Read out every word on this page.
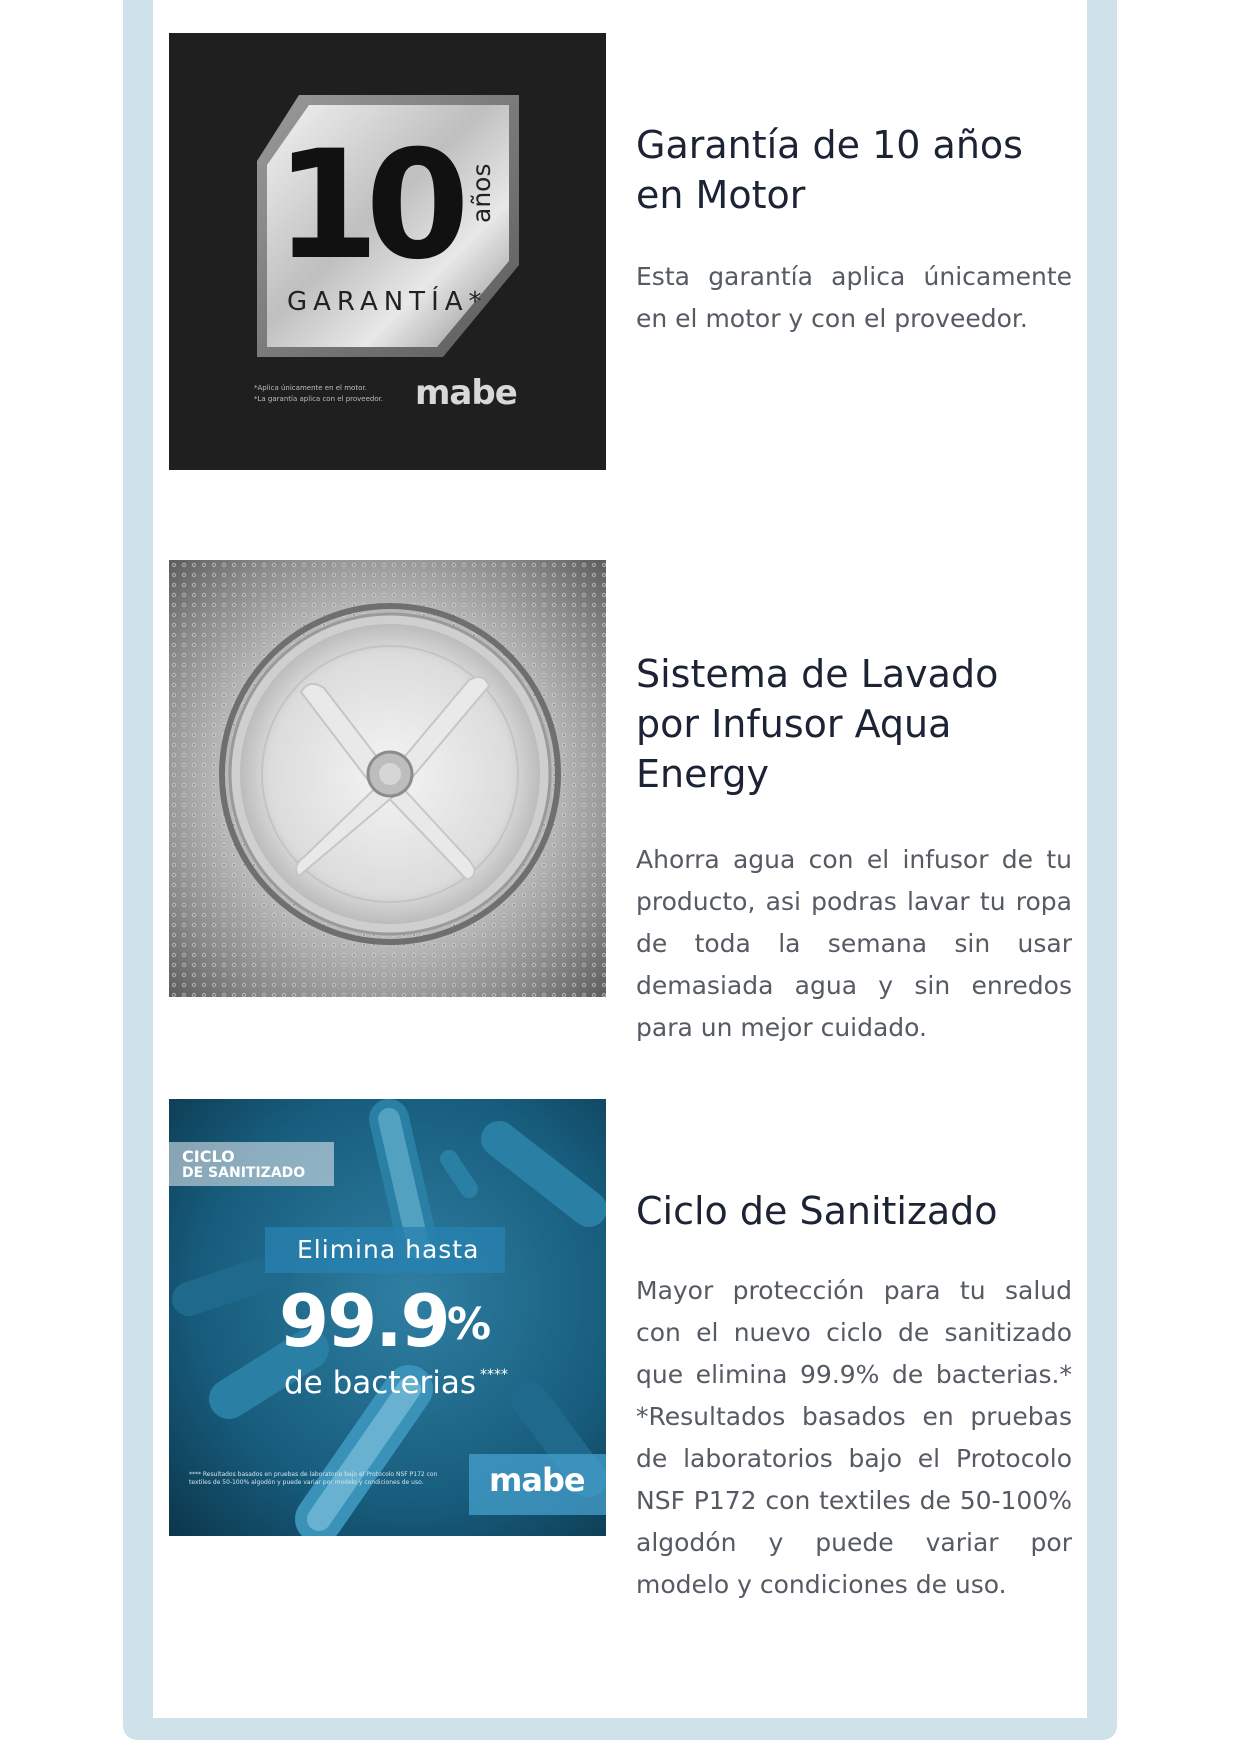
10 años
GARANTÍA*
*Aplica únicamente en el motor.
*La garantía aplica con el proveedor. mabe
Garantía de 10 años
en Motor

Esta garantía aplica únicamente en el motor y con el proveedor.

Sistema de Lavado
por Infusor Aqua
Energy

Ahorra agua con el infusor de tu producto, asi podras lavar tu ropa de toda la semana sin usar demasiada agua y sin enredos para un mejor cuidado.

CICLO
DE SANITIZADO
Elimina hasta
99.9
%
de bacterias ****
**** Resultados basados en pruebas de laboratorio bajo el Protocolo NSF P172 con
textiles de 50-100% algodón y puede variar por modelo y condiciones de uso. mabe
Ciclo de Sanitizado

Mayor protección para tu salud con el nuevo ciclo de sanitizado que elimina 99.9% de bacterias.* *Resultados basados en pruebas de laboratorios bajo el Protocolo NSF P172 con textiles de 50-100% algodón y puede variar por modelo y condiciones de uso.
